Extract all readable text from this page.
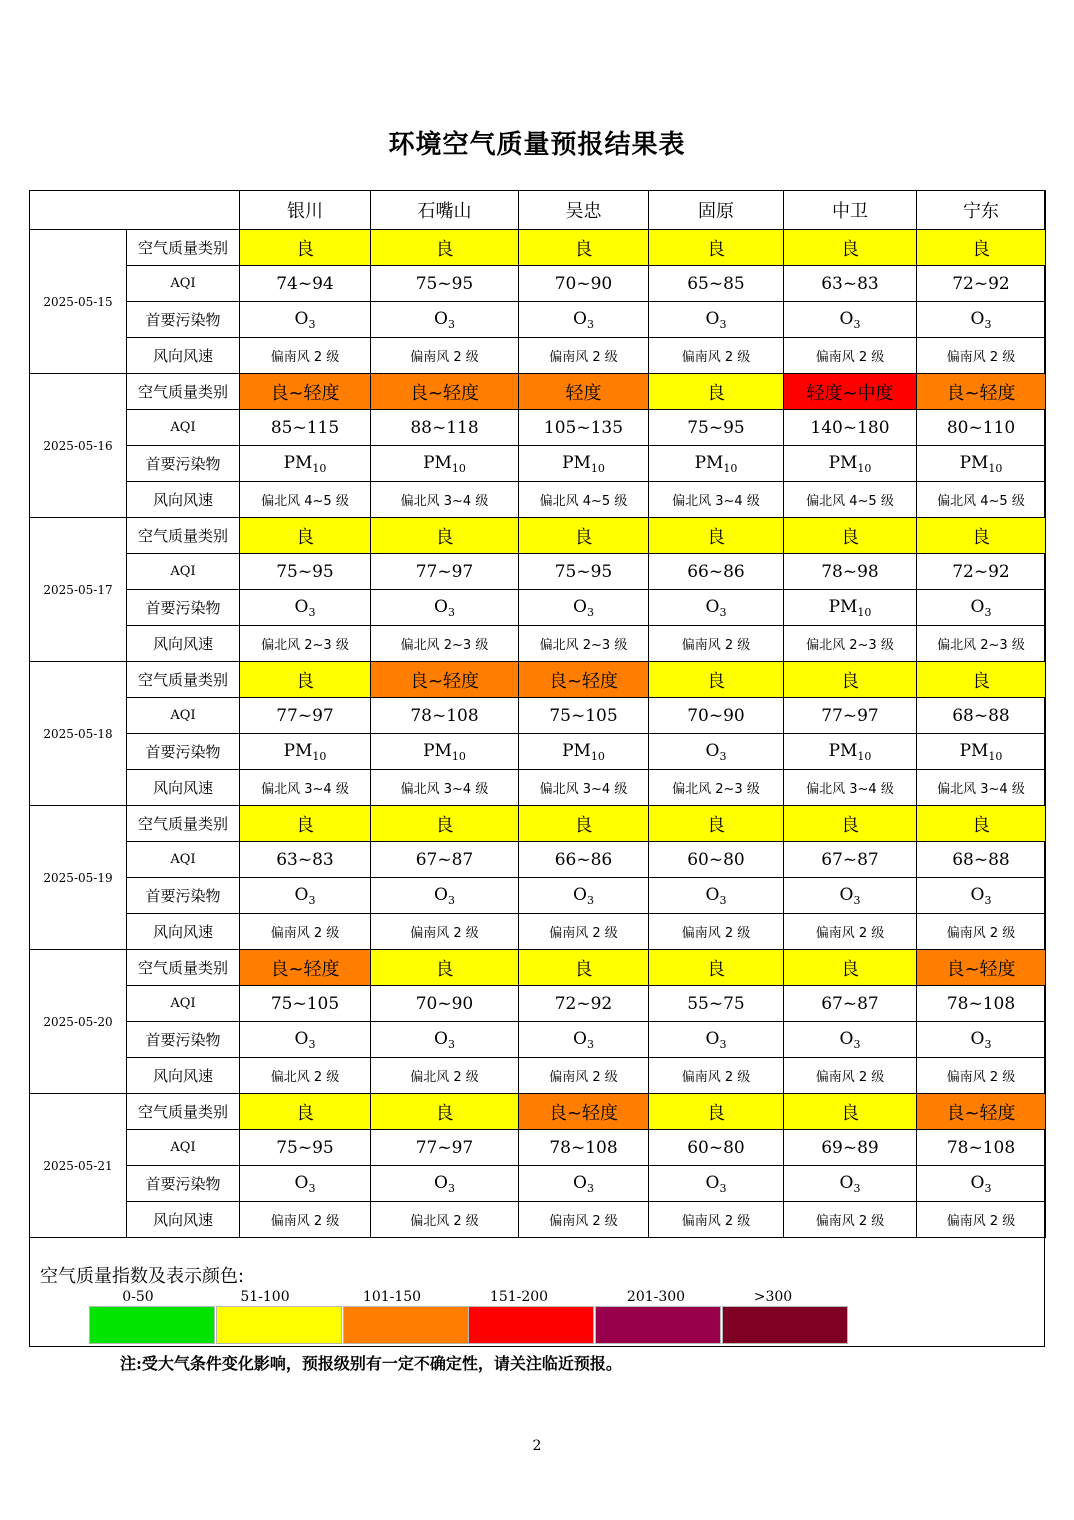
环境空气质量预报结果表
		银川	石嘴山	吴忠	固原	中卫	宁东
2025-05-15	空气质量类别	良	良	良	良	良	良
	AQI	74~94	75~95	70~90	65~85	63~83	72~92
	首要污染物	$O_3$	$O_3$	$O_3$	$O_3$	$O_3$	$O_3$
	风向风速	偏南风 2 级	偏南风 2 级	偏南风 2 级	偏南风 2 级	偏南风 2 级	偏南风 2 级
2025-05-16	空气质量类别	良~轻度	良~轻度	轻度	良	轻度~中度	良~轻度
	AQI	85~115	88~118	105~135	75~95	140~180	80~110
	首要污染物	$PM_{10}$	$PM_{10}$	$PM_{10}$	$PM_{10}$	$PM_{10}$	$PM_{10}$
	风向风速	偏北风 4~5 级	偏北风 3~4 级	偏北风 4~5 级	偏北风 3~4 级	偏北风 4~5 级	偏北风 4~5 级
2025-05-17	空气质量类别	良	良	良	良	良	良
	AQI	75~95	77~97	75~95	66~86	78~98	72~92
	首要污染物	$O_3$	$O_3$	$O_3$	$O_3$	$PM_{10}$	$O_3$
	风向风速	偏北风 2~3 级	偏北风 2~3 级	偏北风 2~3 级	偏南风 2 级	偏北风 2~3 级	偏北风 2~3 级
2025-05-18	空气质量类别	良	良~轻度	良~轻度	良	良	良
	AQI	77~97	78~108	75~105	70~90	77~97	68~88
	首要污染物	$PM_{10}$	$PM_{10}$	$PM_{10}$	$O_3$	$PM_{10}$	$PM_{10}$
	风向风速	偏北风 3~4 级	偏北风 3~4 级	偏北风 3~4 级	偏北风 2~3 级	偏北风 3~4 级	偏北风 3~4 级
2025-05-19	空气质量类别	良	良	良	良	良	良
	AQI	63~83	67~87	66~86	60~80	67~87	68~88
	首要污染物	$O_3$	$O_3$	$O_3$	$O_3$	$O_3$	$O_3$
	风向风速	偏南风 2 级	偏南风 2 级	偏南风 2 级	偏南风 2 级	偏南风 2 级	偏南风 2 级
2025-05-20	空气质量类别	良~轻度	良	良	良	良	良~轻度
	AQI	75~105	70~90	72~92	55~75	67~87	78~108
	首要污染物	$O_3$	$O_3$	$O_3$	$O_3$	$O_3$	$O_3$
	风向风速	偏北风 2 级	偏北风 2 级	偏南风 2 级	偏南风 2 级	偏南风 2 级	偏南风 2 级
2025-05-21	空气质量类别	良	良	良~轻度	良	良	良~轻度
	AQI	75~95	77~97	78~108	60~80	69~89	78~108
	首要污染物	$O_3$	$O_3$	$O_3$	$O_3$	$O_3$	$O_3$
	风向风速	偏南风 2 级	偏北风 2 级	偏南风 2 级	偏南风 2 级	偏南风 2 级	偏南风 2 级
空气质量指数及表示颜色:
0-50	51-100	101-150	151-200	201-300	>300
注:受大气条件变化影响，预报级别有一定不确定性，请关注临近预报。
2
